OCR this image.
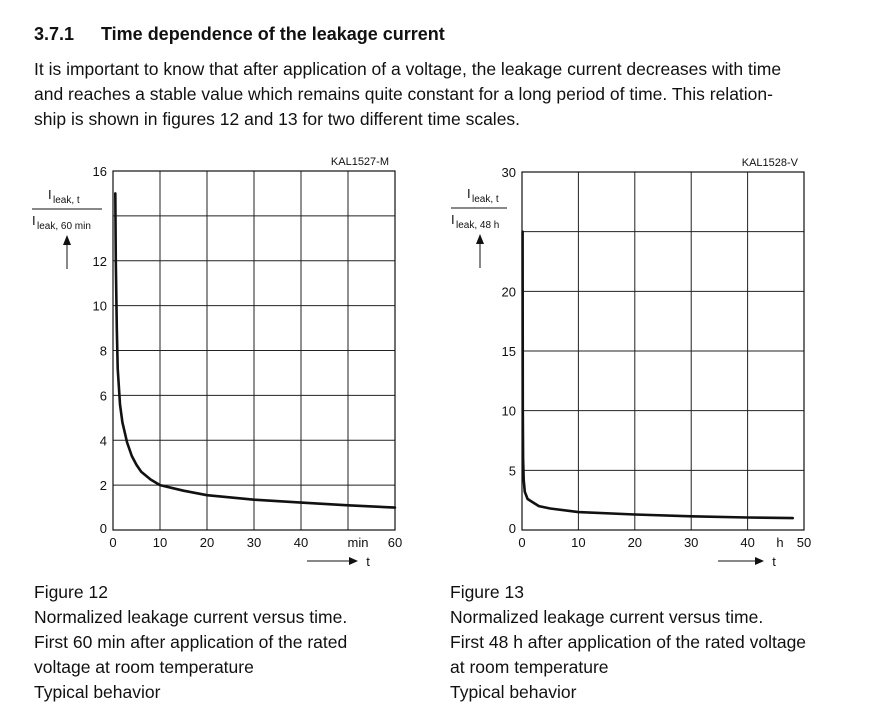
3.7.1 Time dependence of the leakage current
It is important to know that after application of a voltage, the leakage current decreases with time
and reaches a stable value which remains quite constant for a long period of time. This relation-
ship is shown in figures 12 and 13 for two different time scales.
0	10	20	30	40	60
0
2
4
6
8
10
12
16
min
t
I leak, t
I leak, 60 min
KAL1527-M
0	10	20	30	40	50
0
5
10
15
20
30
h
t
I leak, t
I leak, 48 h
KAL1528-V
Figure 12
Normalized leakage current versus time.
First 60 min after application of the rated
voltage at room temperature
Typical behavior
Figure 13
Normalized leakage current versus time.
First 48 h after application of the rated voltage
at room temperature
Typical behavior
